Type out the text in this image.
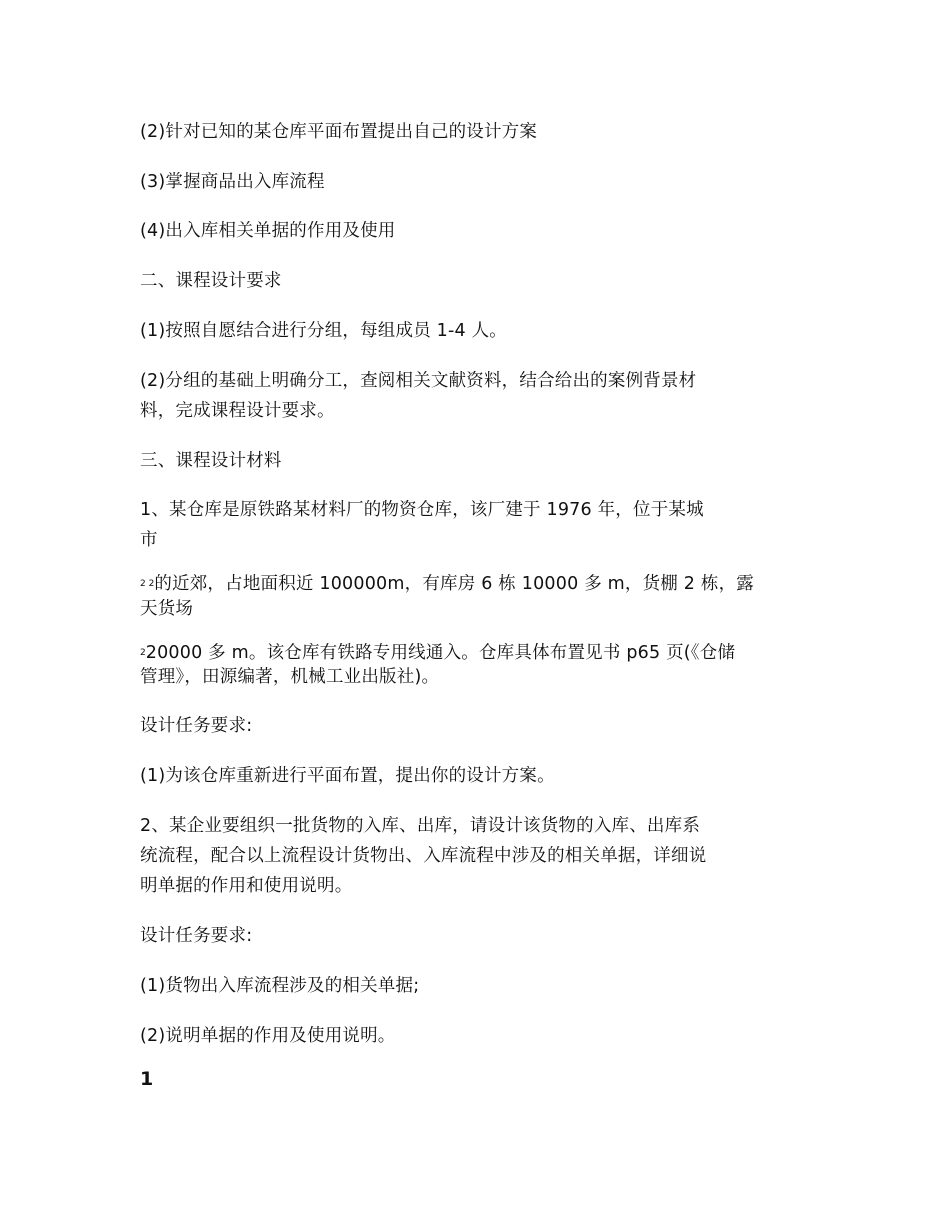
(2)针对已知的某仓库平面布置提出自己的设计方案
(3)掌握商品出入库流程
(4)出入库相关单据的作用及使用
二、课程设计要求
(1)按照自愿结合进行分组，每组成员 1-4 人。
(2)分组的基础上明确分工，查阅相关文献资料，结合给出的案例背景材
料，完成课程设计要求。
三、课程设计材料
1、某仓库是原铁路某材料厂的物资仓库，该厂建于 1976 年，位于某城
市
$^{2 2}$的近郊，占地面积近 100000m，有库房 6 栋 10000 多 m，货棚 2 栋，露
天货场
$^2$20000 多 m。该仓库有铁路专用线通入。仓库具体布置见书 p65 页(《仓储
管理》，田源编著，机械工业出版社)。
设计任务要求:
(1)为该仓库重新进行平面布置，提出你的设计方案。
2、某企业要组织一批货物的入库、出库，请设计该货物的入库、出库系
统流程，配合以上流程设计货物出、入库流程中涉及的相关单据，详细说
明单据的作用和使用说明。
设计任务要求:
(1)货物出入库流程涉及的相关单据;
(2)说明单据的作用及使用说明。
1
